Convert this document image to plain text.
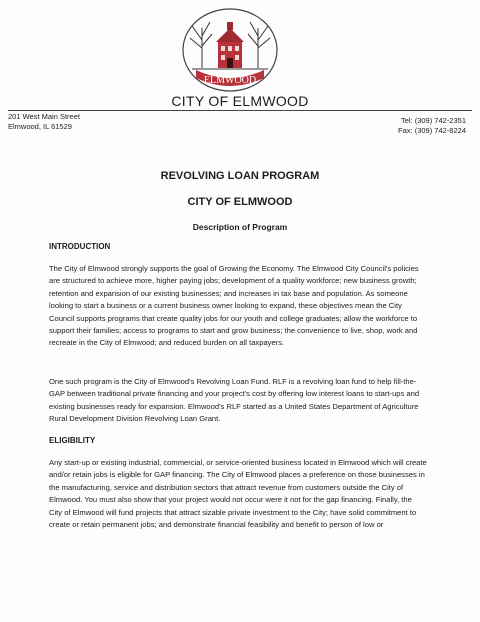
ELMWOOD
CITY OF ELMWOOD
201 West Main Street
Elmwood, IL 61529
Tel: (309) 742-2351
Fax: (309) 742-8224
REVOLVING LOAN PROGRAM
CITY OF ELMWOOD
Description of Program
INTRODUCTION

The City of Elmwood strongly supports the goal of Growing the Economy. The Elmwood City Council's policies are structured to achieve more, higher paying jobs; development of a quality workforce; new business growth; retention and expansion of our existing businesses; and increases in tax base and population. As someone looking to start a business or a current business owner looking to expand, these objectives mean the City Council supports programs that create quality jobs for our youth and college graduates; allow the workforce to support their families; access to programs to start and grow business; the convenience to live, shop, work and recreate in the City of Elmwood; and reduced burden on all taxpayers.

One such program is the City of Elmwood's Revolving Loan Fund. RLF is a revolving loan fund to help fill-the-GAP between traditional private financing and your project's cost by offering low interest loans to start-ups and existing businesses ready for expansion. Elmwood's RLF started as a United States Department of Agriculture Rural Development Division Revolving Loan Grant.

ELIGIBILITY

Any start-up or existing industrial, commercial, or service-oriented business located in Elmwood which will create and/or retain jobs is eligible for GAP financing. The City of Elmwood places a preference on those businesses in the manufacturing, service and distribution sectors that attract revenue from customers outside the City of Elmwood. You must also show that your project would not occur were it not for the gap financing. Finally, the City of Elmwood will fund projects that attract sizable private investment to the City; have solid commitment to create or retain permanent jobs; and demonstrate financial feasibility and benefit to person of low or
